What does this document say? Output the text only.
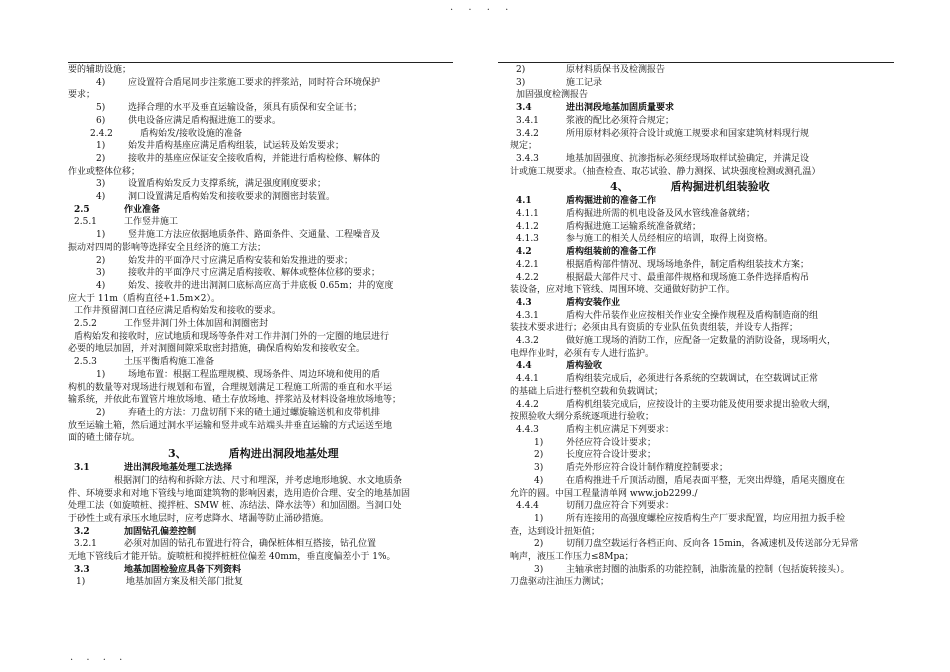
. . . .
要的辅助设施；
4)	应设置符合盾尾同步注浆施工要求的拌浆站，同时符合环境保护
要求；
5)	选择合理的水平及垂直运输设备，须具有质保和安全证书；
6)	供电设备应满足盾构掘进施工的要求。
2.4.2	盾构始发/接收设施的准备
1)	始发井盾构基座应满足盾构组装，试运转及始发要求；
2)	接收井的基座应保证安全接收盾构，并能进行盾构检修、解体的
作业或整体位移；
3)	设置盾构始发反力支撑系统，满足强度刚度要求；
4)	洞口设置满足盾构始发和接收要求的洞圈密封装置。
2.5	作业准备
2.5.1	工作竖井施工
1)	竖井施工方法应依据地质条件、路面条件、交通量、工程噪音及
振动对四周的影响等选择安全且经济的施工方法；
2)	始发井的平面净尺寸应满足盾构安装和始发推进的要求；
3)	接收井的平面净尺寸应满足盾构接收、解体或整体位移的要求；
4)	始发、接收井的进出洞洞口底标高应高于井底板 0.65m；井的宽度
应大于 11m（盾构直径+1.5m×2）。
工作井预留洞口直径应满足盾构始发和接收的要求。
2.5.2	工作竖井洞门外土体加固和洞圈密封
盾构始发和接收时，应试地质和现场等条件对工作井洞门外的一定圈的地层进行
必要的地层加固，并对洞圈间隙采取密封措施，确保盾构始发和接收安全。
2.5.3	土压平衡盾构施工准备
1)	场地布置：根据工程监理规模、现场条件、周边环境和使用的盾
构机的数量等对现场进行规划和布置，合理规划满足工程施工所需的垂直和水平运
输系统，并依此布置管片堆放场地、碴土存放场地、拌浆站及材料设备堆放场地等；
2)	弃碴土的方法：刀盘切削下来的碴土通过螺旋输送机和皮带机排
放至运输土箱，然后通过洞水平运输和竖井或车站端头井垂直运输的方式运送至地
面的碴土储存坑。
3、	盾构进出洞段地基处理
3.1	进出洞段地基处理工法选择
根据洞门的结构和拆除方法、尺寸和埋深，并考虑地形地貌、水文地质条
件、环境要求和对地下管线与地面建筑物的影响因素，选用造价合理、安全的地基加固
处理工法（如旋喷桩、搅拌桩、SMW 桩、冻结法、降水法等）和加固圈。当洞口处
于砂性土或有承压水地层时，应考虑降水、堵漏等防止涌砂措施。
3.2	加固钻孔偏差控制
3.2.1	必须对加固的钻孔布置进行符合，确保桩体相互搭接，钻孔位置
无地下管线后才能开钻。旋喷桩和搅拌桩桩位偏差 40mm，垂直度偏差小于 1%。
3.3	地基加固检验应具备下列资料
1)	地基加固方案及相关部门批复
2)	原材料质保书及检测报告
3)	施工记录
加固强度检测报告
3.4	进出洞段地基加固质量要求
3.4.1	浆液的配比必须符合规定；
3.4.2	所用原材料必须符合设计或施工规要求和国家建筑材料现行规
规定；
3.4.3	地基加固强度、抗渗指标必须经现场取样试验确定，并满足设
计或施工规要求。（抽查检查、取芯试验、静力测探、试块强度检测或测孔温）
4、	盾构掘进机组装验收
4.1	盾构掘进前的准备工作
4.1.1	盾构掘进所需的机电设备及风水管线准备就绪；
4.1.2	盾构掘进施工运输系统准备就绪；
4.1.3	参与施工的相关人员经相应的培训，取得上岗资格。
4.2	盾构组装前的准备工作
4.2.1	根据盾构部件情况、现场场地条件，制定盾构组装技术方案；
4.2.2	根据最大部件尺寸、最重部件规格和现场施工条件选择盾构吊
装设备，应对地下管线、周围环境、交通做好防护工作。
4.3	盾构安装作业
4.3.1	盾构大件吊装作业应按相关作业安全操作规程及盾构制造商的组
装技术要求进行；必须由具有资质的专业队伍负责组装，并设专人指挥；
4.3.2	做好施工现场的消防工作，应配备一定数量的消防设备，现场明火，
电焊作业时，必须有专人进行监护。
4.4	盾构验收
4.4.1	盾构组装完成后，必须进行各系统的空载调试，在空载调试正常
的基础上后进行整机空载和负载调试；
4.4.2	盾构机组装完成后，应按设计的主要功能及使用要求提出验收大纲，
按照验收大纲分系统逐项进行验收；
4.4.3	盾构主机应满足下列要求：
1)	外径应符合设计要求；
2)	长度应符合设计要求；
3)	盾壳外形应符合设计制作精度控制要求；
4)	在盾构推进千斤顶活动圈，盾尾表面平整，无突出焊缝，盾尾夹圈度在
允许的圆。中国工程量清单网 www.job2299./
4.4.4	切削刀盘应符合下列要求：
1)	所有连接用的高强度螺栓应按盾构生产厂要求配置，均应用扭力扳手检
查，达到设计扭矩值；
2)	切削刀盘空载运行各档正向、反向各 15min，各减速机及传送部分无异常
响声，液压工作压力≤8Mpa；
3)	主轴承密封圈的油脂系的功能控制，油脂流量的控制（包括旋转接头）。
刀盘驱动注油压力测试；
. . . .
